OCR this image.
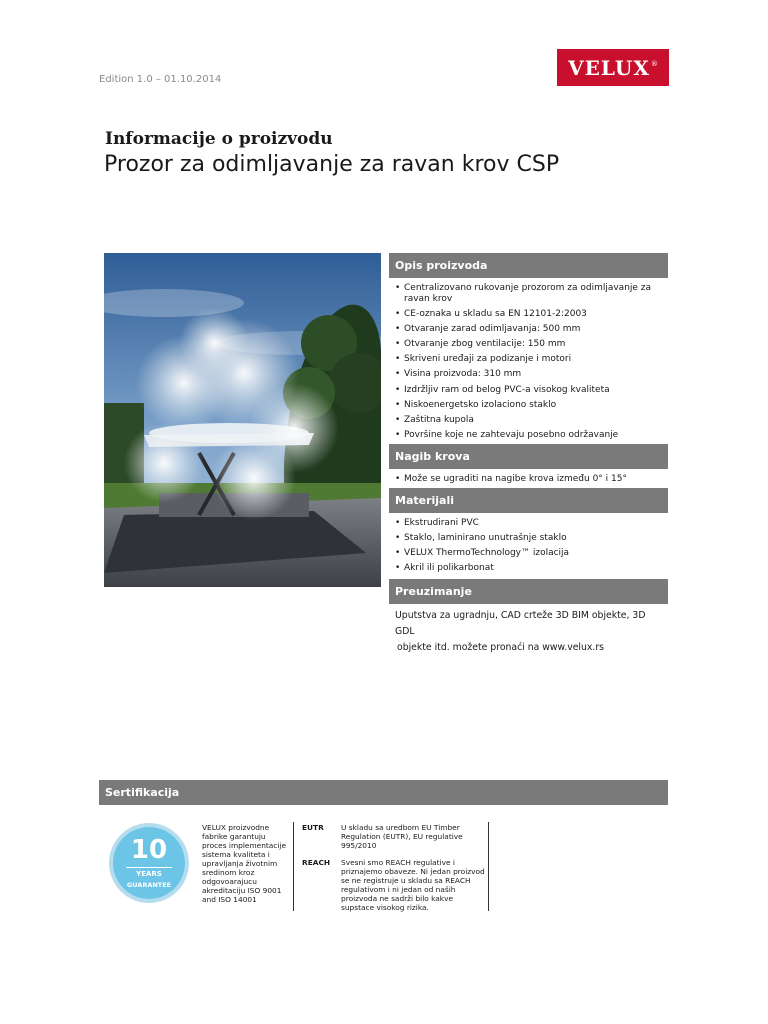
Edition 1.0 – 01.10.2014	VELUX ®
Informacije o proizvodu
Prozor za odimljavanje za ravan krov CSP
Opis proizvoda
• Centralizovano rukovanje prozorom za odimljavanje za ravan krov
• CE-oznaka u skladu sa EN 12101-2:2003
• Otvaranje zarad odimljavanja: 500 mm
• Otvaranje zbog ventilacije: 150 mm
• Skriveni uređaji za podizanje i motori
• Visina proizvoda: 310 mm
• Izdržljiv ram od belog PVC-a visokog kvaliteta
• Niskoenergetsko izolaciono staklo
• Zaštitna kupola
• Površine koje ne zahtevaju posebno održavanje
Nagib krova
• Može se ugraditi na nagibe krova između 0° i 15°
Materijali
• Ekstrudirani PVC
• Staklo, laminirano unutrašnje staklo
• VELUX ThermoTechnology™ izolacija
• Akril ili polikarbonat
Preuzimanje
Uputstva za ugradnju, CAD crteže 3D BIM objekte, 3D GDL
objekte itd. možete pronaći na www.velux.rs
Sertifikacija
10
YEARS
GUARANTEE
VELUX proizvodne fabrike garantuju proces implementacije sistema kvaliteta i upravljanja životnim sredinom kroz odgovoarajucu akreditaciju ISO 9001 and ISO 14001
EUTR U skladu sa uredbom EU Timber Regulation (EUTR), EU regulative 995/2010
REACH Svesni smo REACH regulative i priznajemo obaveze. Ni jedan proizvod se ne registruje u skladu sa REACH regulativom i ni jedan od naših proizvoda ne sadrži bilo kakve supstace visokog rizika.
